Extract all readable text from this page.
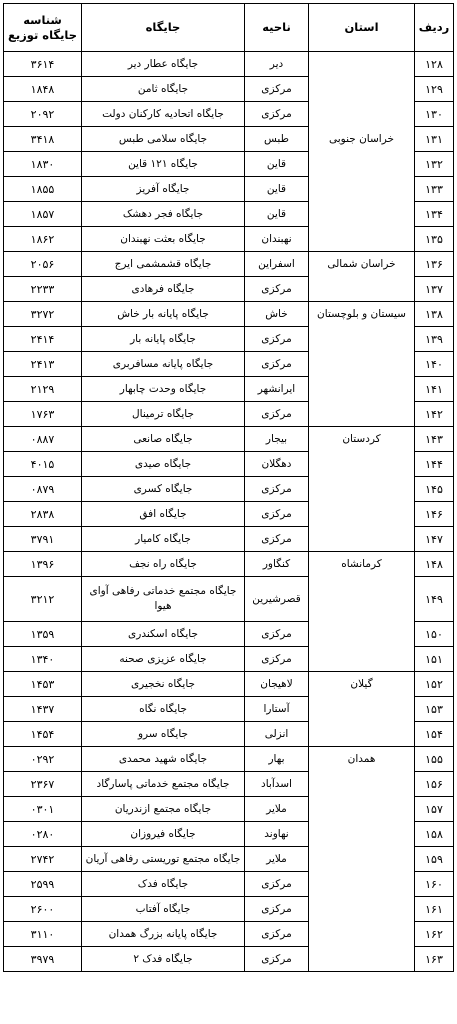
ردیف	استان	ناحیه	جایگاه	شناسه جایگاه توزیع
۱۲۸		دیر	جایگاه عطار دیر	۳۶۱۴
۱۲۹		مرکزی	جایگاه ثامن	۱۸۴۸
۱۳۰		مرکزی	جایگاه اتحادیه کارکنان دولت	۲۰۹۲
۱۳۱	خراسان جنوبی	طبس	جایگاه سلامی طبس	۳۴۱۸
۱۳۲		قاین	جایگاه ۱۲۱ قاین	۱۸۳۰
۱۳۳		قاین	جایگاه آفریز	۱۸۵۵
۱۳۴		قاین	جایگاه فجر دهشک	۱۸۵۷
۱۳۵		نهبندان	جایگاه بعثت نهبندان	۱۸۶۲
۱۳۶	خراسان شمالی	اسفراین	جایگاه قشمشمی ایرج	۲۰۵۶
۱۳۷		مرکزی	جایگاه فرهادی	۲۲۳۳
۱۳۸	سیستان و بلوچستان	خاش	جایگاه پایانه بار خاش	۳۲۷۲
۱۳۹		مرکزی	جایگاه پایانه بار	۲۴۱۴
۱۴۰		مرکزی	جایگاه پایانه مسافربری	۲۴۱۳
۱۴۱		ایرانشهر	جایگاه وحدت چابهار	۲۱۲۹
۱۴۲		مرکزی	جایگاه ترمینال	۱۷۶۳
۱۴۳	کردستان	بیجار	جایگاه صانعی	۰۸۸۷
۱۴۴		دهگلان	جایگاه صیدی	۴۰۱۵
۱۴۵		مرکزی	جایگاه کسری	۰۸۷۹
۱۴۶		مرکزی	جایگاه افق	۲۸۳۸
۱۴۷		مرکزی	جایگاه کامیار	۳۷۹۱
۱۴۸	کرمانشاه	کنگاور	جایگاه راه نجف	۱۳۹۶
۱۴۹		قصرشیرین	جایگاه مجتمع خدماتی رفاهی آوای هیوا	۳۲۱۲
۱۵۰		مرکزی	جایگاه اسکندری	۱۳۵۹
۱۵۱		مرکزی	جایگاه عزیزی صحنه	۱۳۴۰
۱۵۲	گیلان	لاهیجان	جایگاه نخجیری	۱۴۵۳
۱۵۳		آستارا	جایگاه نگاه	۱۴۳۷
۱۵۴		انزلی	جایگاه سرو	۱۴۵۴
۱۵۵	همدان	بهار	جایگاه شهید محمدی	۰۲۹۲
۱۵۶		اسدآباد	جایگاه مجتمع خدماتی پاسارگاد	۲۳۶۷
۱۵۷		ملایر	جایگاه مجتمع ازندریان	۰۳۰۱
۱۵۸		نهاوند	جایگاه فیروزان	۰۲۸۰
۱۵۹		ملایر	جایگاه مجتمع توریستی رفاهی آریان	۲۷۴۲
۱۶۰		مرکزی	جایگاه فدک	۲۵۹۹
۱۶۱		مرکزی	جایگاه آفتاب	۲۶۰۰
۱۶۲		مرکزی	جایگاه پایانه بزرگ همدان	۳۱۱۰
۱۶۳		مرکزی	جایگاه فدک ۲	۳۹۷۹
